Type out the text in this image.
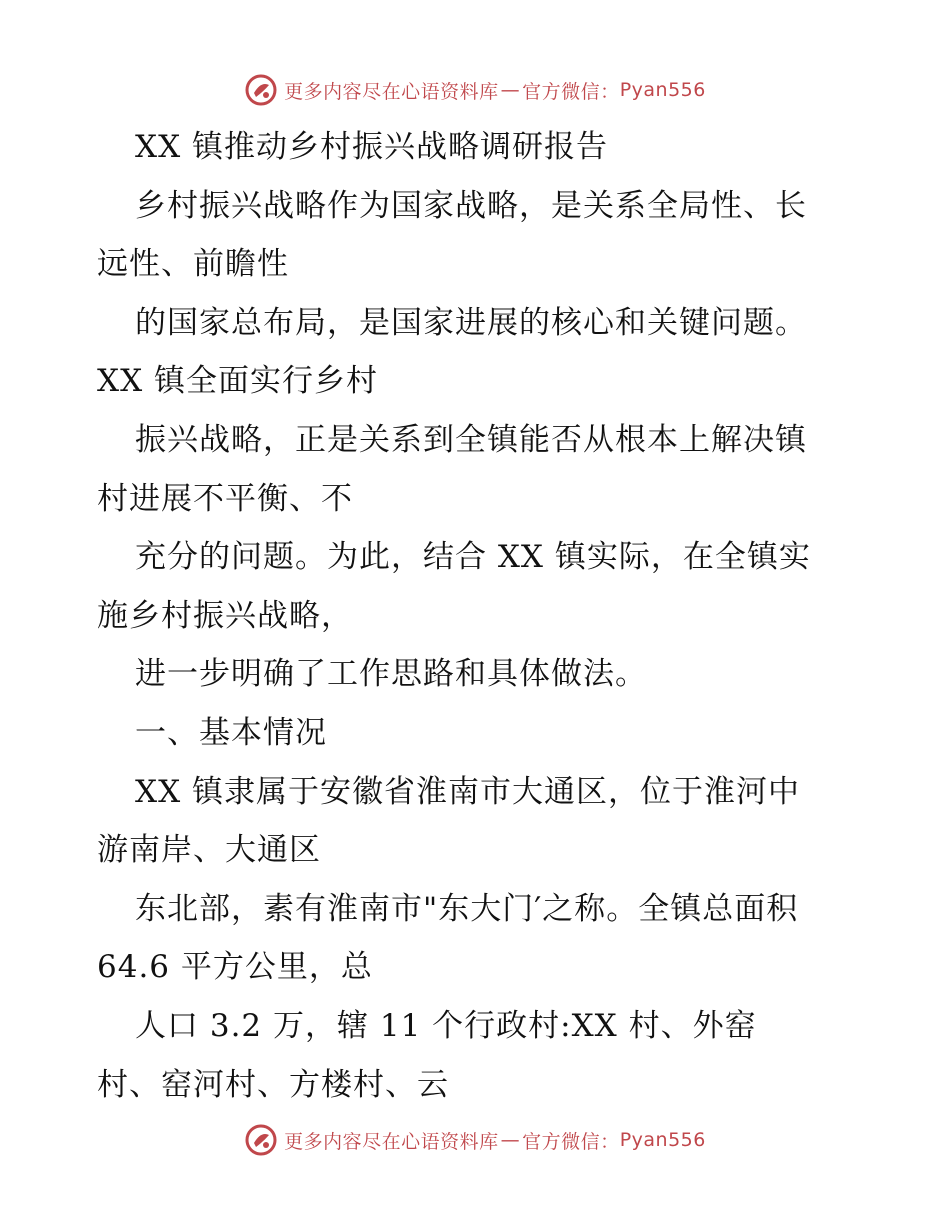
更多内容尽在心语资料库 — 官方微信： Pyan556
XX 镇推动乡村振兴战略调研报告
乡村振兴战略作为国家战略，是关系全局性、长
远性、前瞻性
的国家总布局，是国家进展的核心和关键问题。
XX 镇全面实行乡村
振兴战略，正是关系到全镇能否从根本上解决镇
村进展不平衡、不
充分的问题。为此，结合 XX 镇实际，在全镇实
施乡村振兴战略，
进一步明确了工作思路和具体做法。
一、基本情况
XX 镇隶属于安徽省淮南市大通区，位于淮河中
游南岸、大通区
东北部，素有淮南市"东大门′之称。全镇总面积
64.6 平方公里，总
人口 3.2 万，辖 11 个行政村:XX 村、外窑
村、窑河村、方楼村、云
更多内容尽在心语资料库 — 官方微信： Pyan556
